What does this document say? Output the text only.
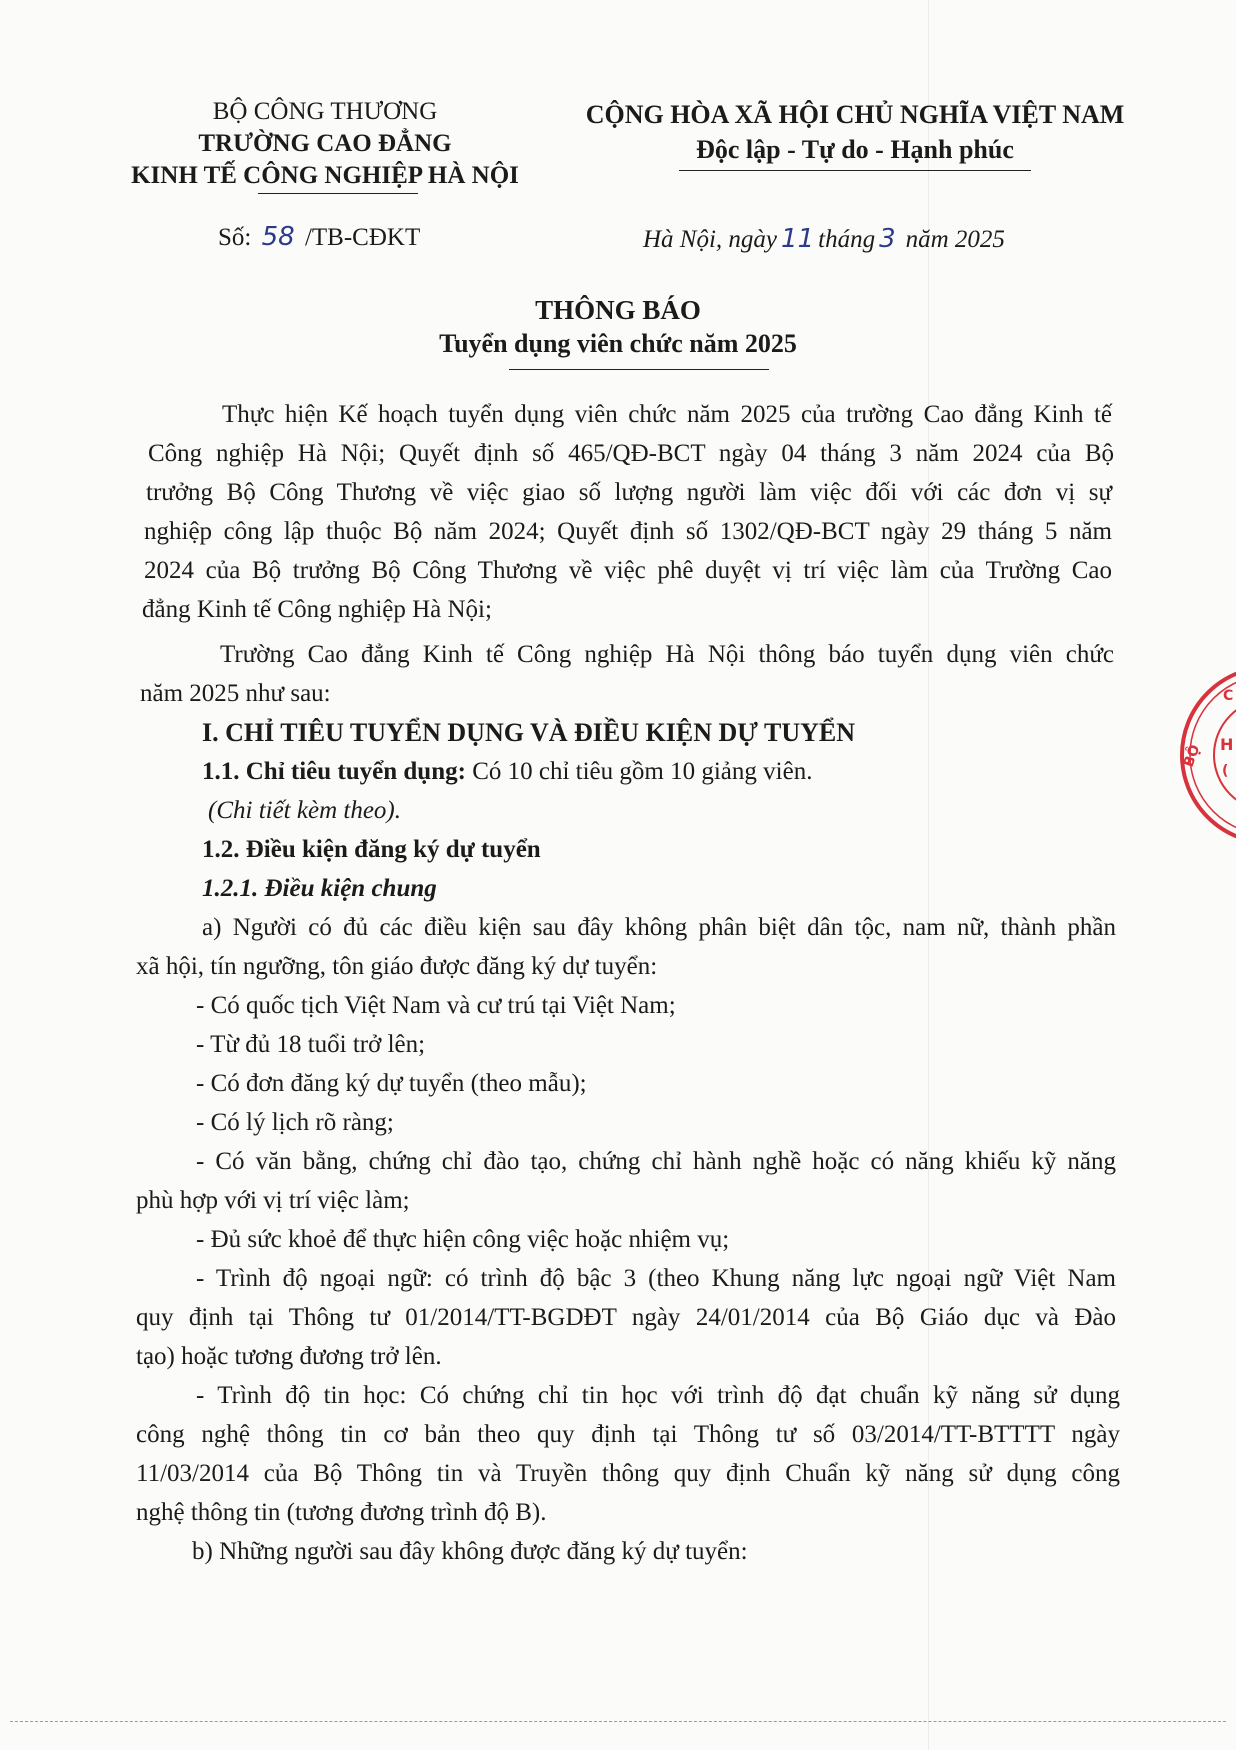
BỘ CÔNG THƯƠNG
TRƯỜNG CAO ĐẲNG
KINH TẾ CÔNG NGHIỆP HÀ NỘI
Số: 58 /TB-CĐKT
CỘNG HÒA XÃ HỘI CHỦ NGHĨA VIỆT NAM
Độc lập - Tự do - Hạnh phúc
Hà Nội, ngày 11 tháng 3 năm 2025
THÔNG BÁO
Tuyển dụng viên chức năm 2025
Thực hiện Kế hoạch tuyển dụng viên chức năm 2025 của trường Cao đẳng Kinh tế
Công nghiệp Hà Nội; Quyết định số 465/QĐ-BCT ngày 04 tháng 3 năm 2024 của Bộ
trưởng Bộ Công Thương về việc giao số lượng người làm việc đối với các đơn vị sự
nghiệp công lập thuộc Bộ năm 2024; Quyết định số 1302/QĐ-BCT ngày 29 tháng 5 năm
2024 của Bộ trưởng Bộ Công Thương về việc phê duyệt vị trí việc làm của Trường Cao
đẳng Kinh tế Công nghiệp Hà Nội;
Trường Cao đẳng Kinh tế Công nghiệp Hà Nội thông báo tuyển dụng viên chức
năm 2025 như sau:
I. CHỈ TIÊU TUYỂN DỤNG VÀ ĐIỀU KIỆN DỰ TUYỂN
1.1. Chỉ tiêu tuyển dụng: Có 10 chỉ tiêu gồm 10 giảng viên.
(Chi tiết kèm theo).
1.2. Điều kiện đăng ký dự tuyển
1.2.1. Điều kiện chung
a) Người có đủ các điều kiện sau đây không phân biệt dân tộc, nam nữ, thành phần
xã hội, tín ngưỡng, tôn giáo được đăng ký dự tuyển:
- Có quốc tịch Việt Nam và cư trú tại Việt Nam;
- Từ đủ 18 tuổi trở lên;
- Có đơn đăng ký dự tuyển (theo mẫu);
- Có lý lịch rõ ràng;
- Có văn bằng, chứng chỉ đào tạo, chứng chỉ hành nghề hoặc có năng khiếu kỹ năng
phù hợp với vị trí việc làm;
- Đủ sức khoẻ để thực hiện công việc hoặc nhiệm vụ;
- Trình độ ngoại ngữ: có trình độ bậc 3 (theo Khung năng lực ngoại ngữ Việt Nam
quy định tại Thông tư 01/2014/TT-BGDĐT ngày 24/01/2014 của Bộ Giáo dục và Đào
tạo) hoặc tương đương trở lên.
- Trình độ tin học: Có chứng chỉ tin học với trình độ đạt chuẩn kỹ năng sử dụng
công nghệ thông tin cơ bản theo quy định tại Thông tư số 03/2014/TT-BTTTT ngày
11/03/2014 của Bộ Thông tin và Truyền thông quy định Chuẩn kỹ năng sử dụng công
nghệ thông tin (tương đương trình độ B).
b) Những người sau đây không được đăng ký dự tuyển:
BỘ
C
H
(
